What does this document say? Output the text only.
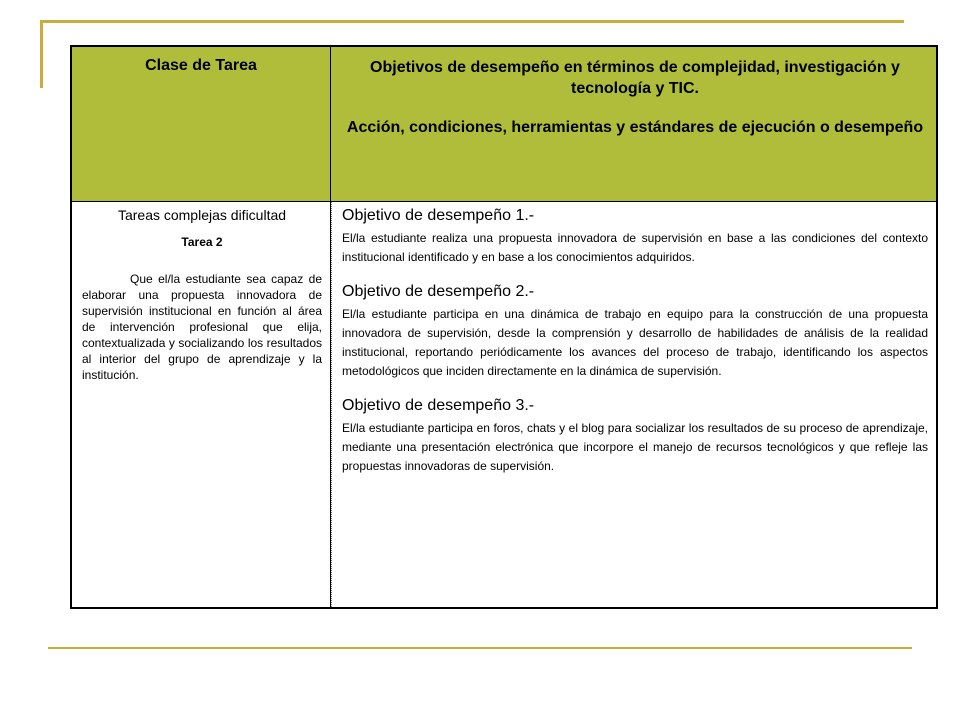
Clase de Tarea	Objetivos de desempeño en términos de complejidad, investigación y tecnología y TIC.

Acción, condiciones, herramientas y estándares de ejecución o desempeño

Tareas complejas dificultad

Tarea 2

Que el/la estudiante sea capaz de elaborar una propuesta innovadora de supervisión institucional en función al área de intervención profesional que elija, contextualizada y socializando los resultados al interior del grupo de aprendizaje y la institución.

Objetivo de desempeño 1.-

El/la estudiante realiza una propuesta innovadora de supervisión en base a las condiciones del contexto institucional identificado y en base a los conocimientos adquiridos.

Objetivo de desempeño 2.-

El/la estudiante participa en una dinámica de trabajo en equipo para la construcción de una propuesta innovadora de supervisión, desde la comprensión y desarrollo de habilidades de análisis de la realidad institucional, reportando periódicamente los avances del proceso de trabajo, identificando los aspectos metodológicos que inciden directamente en la dinámica de supervisión.

Objetivo de desempeño 3.-

El/la estudiante participa en foros, chats y el blog para socializar los resultados de su proceso de aprendizaje, mediante una presentación electrónica que incorpore el manejo de recursos tecnológicos y que refleje las propuestas innovadoras de supervisión.
